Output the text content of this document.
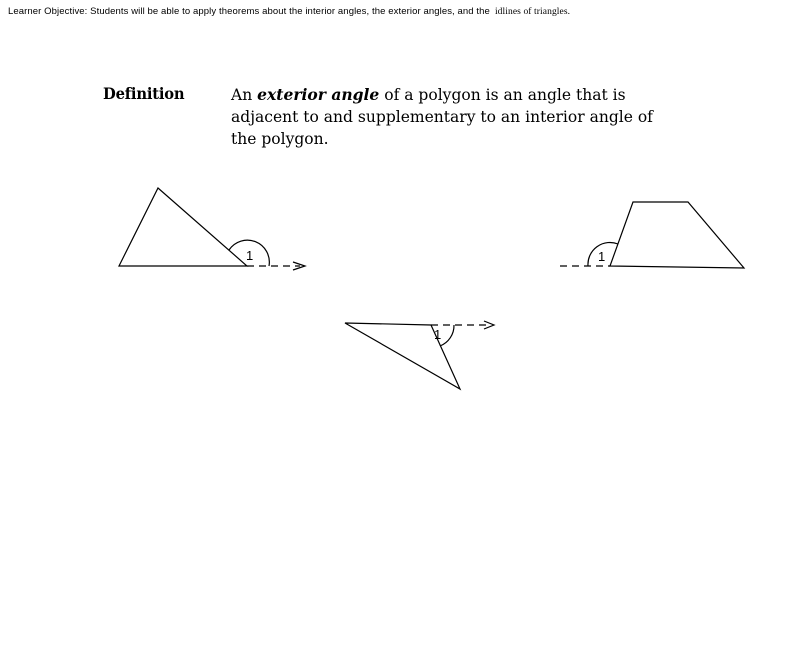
Learner Objective: Students will be able to apply theorems about the interior angles, the exterior angles, and the idlines of triangles.
Definition	An exterior angle of a polygon is an angle that is
adjacent to and supplementary to an interior angle of
the polygon.
1	1
1
